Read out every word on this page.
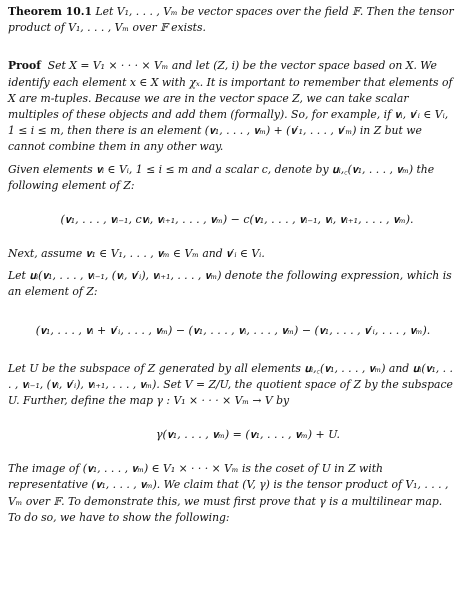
Theorem 10.1 Let V₁, . . . , Vₘ be vector spaces over the field 𝔽. Then the tensor product of V₁, . . . , Vₘ over 𝔽 exists.

Proof Set X = V₁ × · · · × Vₘ and let (Z, i) be the vector space based on X. We identify each element x ∈ X with χₓ. It is important to remember that elements of X are m-tuples. Because we are in the vector space Z, we can take scalar multiples of these objects and add them (formally). So, for example, if 𝐯ᵢ, 𝐯′ᵢ ∈ Vᵢ, 1 ≤ i ≤ m, then there is an element (𝐯₁, . . . , 𝐯ₘ) + (𝐯′₁, . . . , 𝐯′ₘ) in Z but we cannot combine them in any other way.

Given elements 𝐯ᵢ ∈ Vᵢ, 1 ≤ i ≤ m and a scalar c, denote by 𝐮ᵢ,꜀(𝐯₁, . . . , 𝐯ₘ) the following element of Z:

(𝐯₁, . . . , 𝐯ᵢ₋₁, c𝐯ᵢ, 𝐯ᵢ₊₁, . . . , 𝐯ₘ) − c(𝐯₁, . . . , 𝐯ᵢ₋₁, 𝐯ᵢ, 𝐯ᵢ₊₁, . . . , 𝐯ₘ).

Next, assume 𝐯₁ ∈ V₁, . . . , 𝐯ₘ ∈ Vₘ and 𝐯′ᵢ ∈ Vᵢ.

Let 𝐮ᵢ(𝐯₁, . . . , 𝐯ᵢ₋₁, (𝐯ᵢ, 𝐯′ᵢ), 𝐯ᵢ₊₁, . . . , 𝐯ₘ) denote the following expression, which is an element of Z:

(𝐯₁, . . . , 𝐯ᵢ + 𝐯′ᵢ, . . . , 𝐯ₘ) − (𝐯₁, . . . , 𝐯ᵢ, . . . , 𝐯ₘ) − (𝐯₁, . . . , 𝐯′ᵢ, . . . , 𝐯ₘ).

Let U be the subspace of Z generated by all elements 𝐮ᵢ,꜀(𝐯₁, . . . , 𝐯ₘ) and 𝐮ᵢ(𝐯₁, . . . , 𝐯ᵢ₋₁, (𝐯ᵢ, 𝐯′ᵢ), 𝐯ᵢ₊₁, . . . , 𝐯ₘ). Set V = Z/U, the quotient space of Z by the subspace U. Further, define the map γ : V₁ × · · · × Vₘ → V by

γ(𝐯₁, . . . , 𝐯ₘ) = (𝐯₁, . . . , 𝐯ₘ) + U.

The image of (𝐯₁, . . . , 𝐯ₘ) ∈ V₁ × · · · × Vₘ is the coset of U in Z with representative (𝐯₁, . . . , 𝐯ₘ). We claim that (V, γ) is the tensor product of V₁, . . . , Vₘ over 𝔽. To demonstrate this, we must first prove that γ is a multilinear map. To do so, we have to show the following:
